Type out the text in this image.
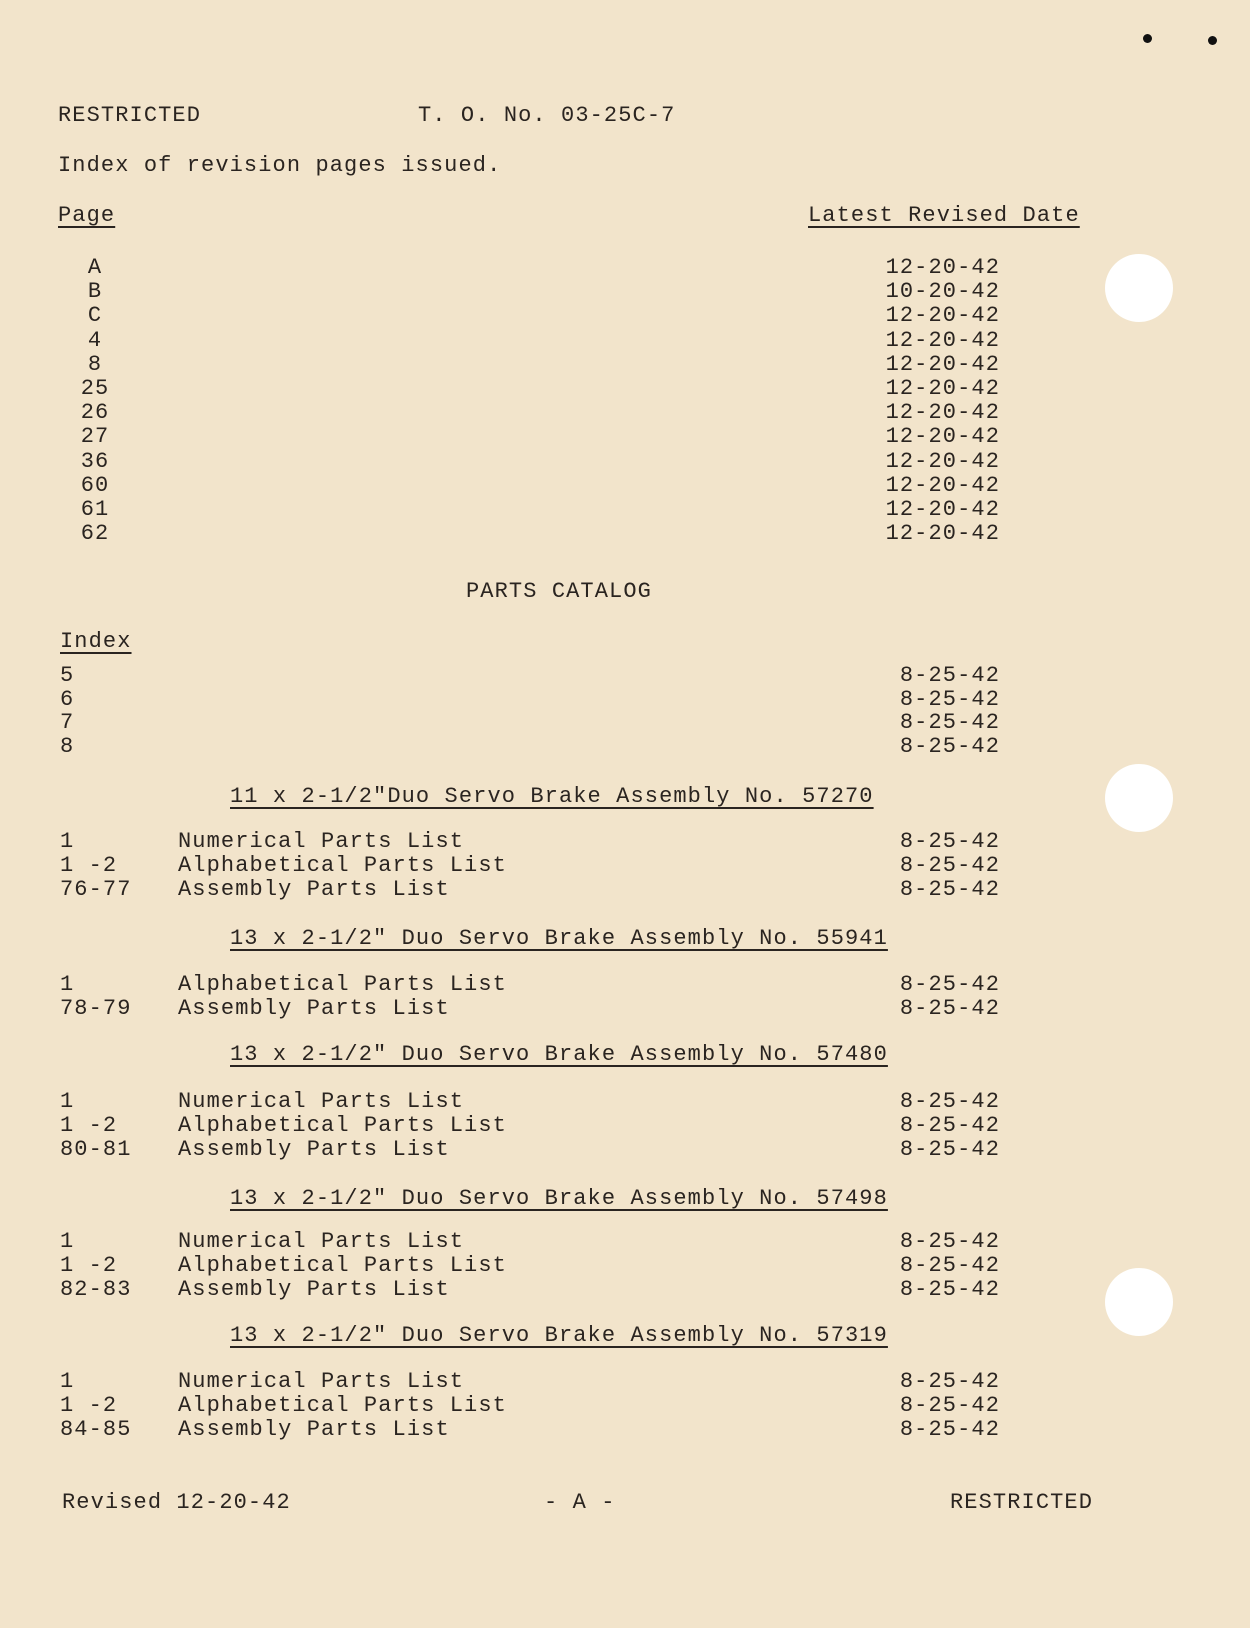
RESTRICTED	T. O. No. 03-25C-7
Index of revision pages issued.
Page	Latest Revised Date
A	12-20-42
B	10-20-42
C	12-20-42
4	12-20-42
8	12-20-42
25	12-20-42
26	12-20-42
27	12-20-42
36	12-20-42
60	12-20-42
61	12-20-42
62	12-20-42
PARTS CATALOG
Index
5	8-25-42
6	8-25-42
7	8-25-42
8	8-25-42
11 x 2-1/2"Duo Servo Brake Assembly No. 57270
1	Numerical Parts List	8-25-42
1 -2	Alphabetical Parts List	8-25-42
76-77 Assembly Parts List	8-25-42
13 x 2-1/2" Duo Servo Brake Assembly No. 55941
1	Alphabetical Parts List	8-25-42
78-79 Assembly Parts List	8-25-42
13 x 2-1/2" Duo Servo Brake Assembly No. 57480
1	Numerical Parts List	8-25-42
1 -2	Alphabetical Parts List	8-25-42
80-81 Assembly Parts List	8-25-42
13 x 2-1/2" Duo Servo Brake Assembly No. 57498
1	Numerical Parts List	8-25-42
1 -2	Alphabetical Parts List	8-25-42
82-83 Assembly Parts List	8-25-42
13 x 2-1/2" Duo Servo Brake Assembly No. 57319
1	Numerical Parts List	8-25-42
1 -2	Alphabetical Parts List	8-25-42
84-85 Assembly Parts List	8-25-42
Revised 12-20-42	- A -	RESTRICTED
